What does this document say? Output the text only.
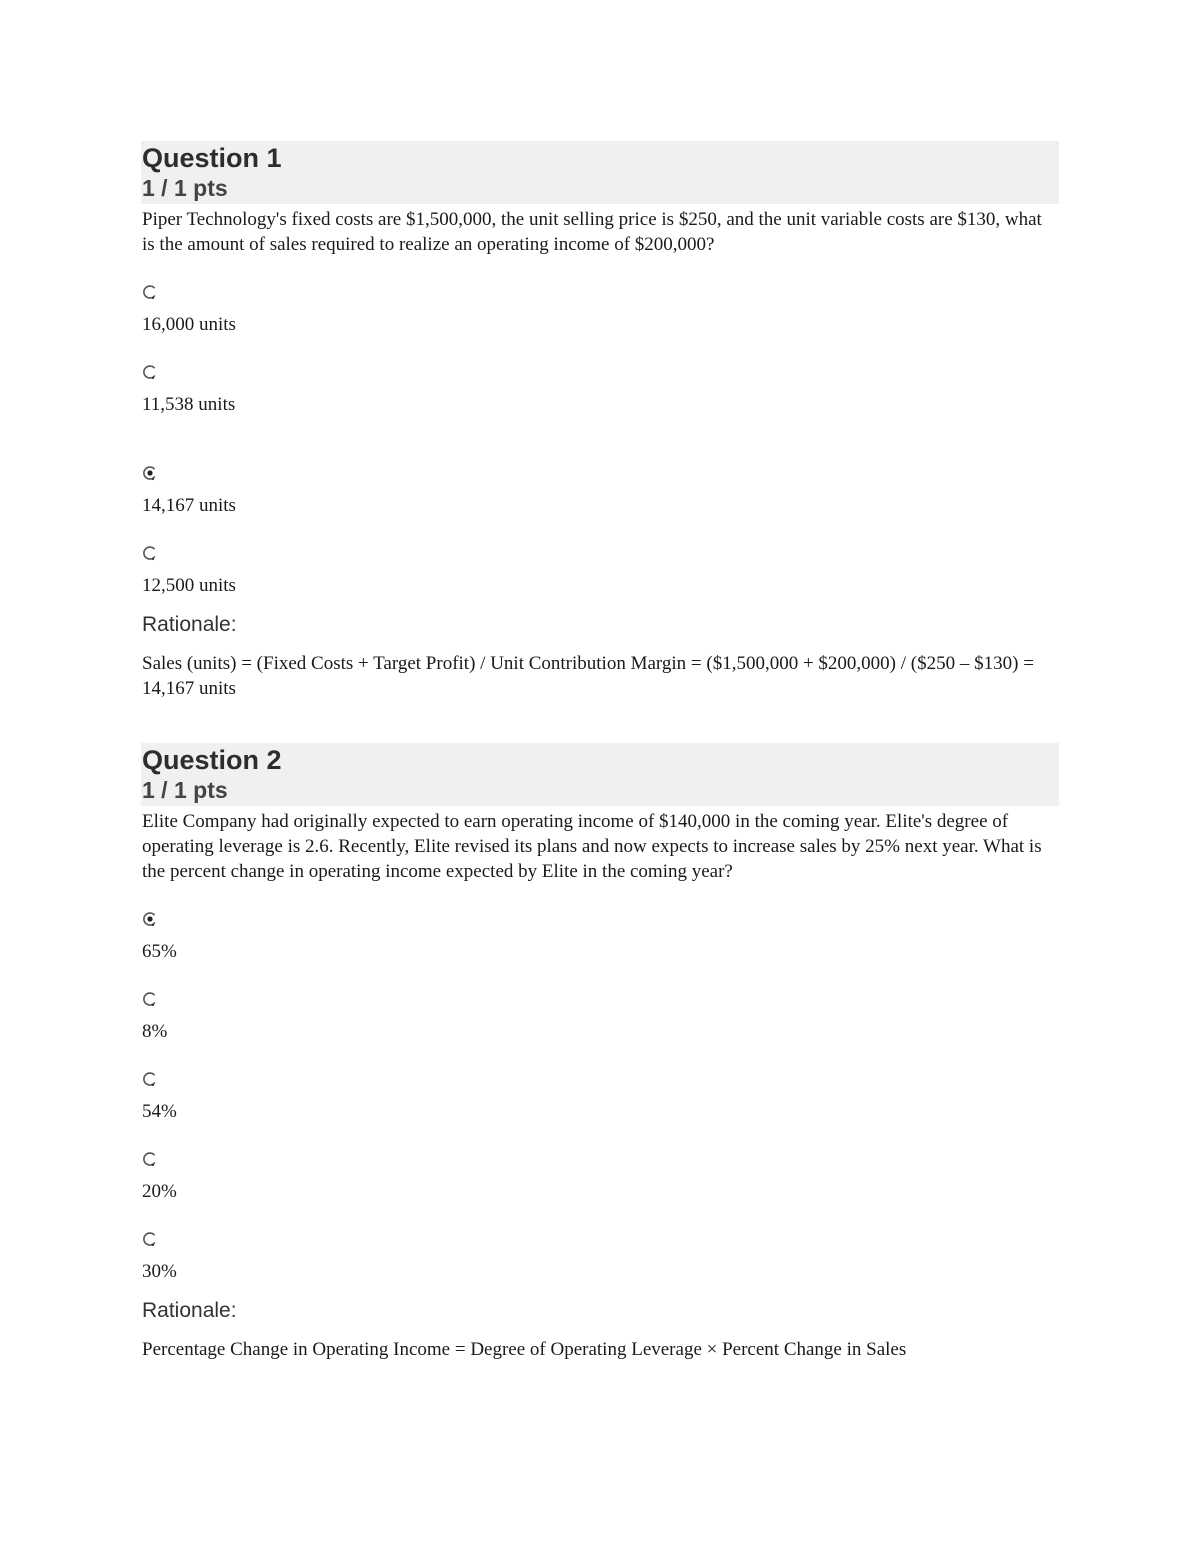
Question 1
1 / 1 pts
Piper Technology's fixed costs are $1,500,000, the unit selling price is $250, and the unit variable costs are $130, what is the amount of sales required to realize an operating income of $200,000?
16,000 units
11,538 units
14,167 units
12,500 units
Rationale:
Sales (units) = (Fixed Costs + Target Profit) / Unit Contribution Margin = ($1,500,000 + $200,000) / ($250 – $130) = 14,167 units
Question 2
1 / 1 pts
Elite Company had originally expected to earn operating income of $140,000 in the coming year. Elite's degree of operating leverage is 2.6. Recently, Elite revised its plans and now expects to increase sales by 25% next year. What is the percent change in operating income expected by Elite in the coming year?
65%
8%
54%
20%
30%
Rationale:
Percentage Change in Operating Income = Degree of Operating Leverage × Percent Change in Sales
